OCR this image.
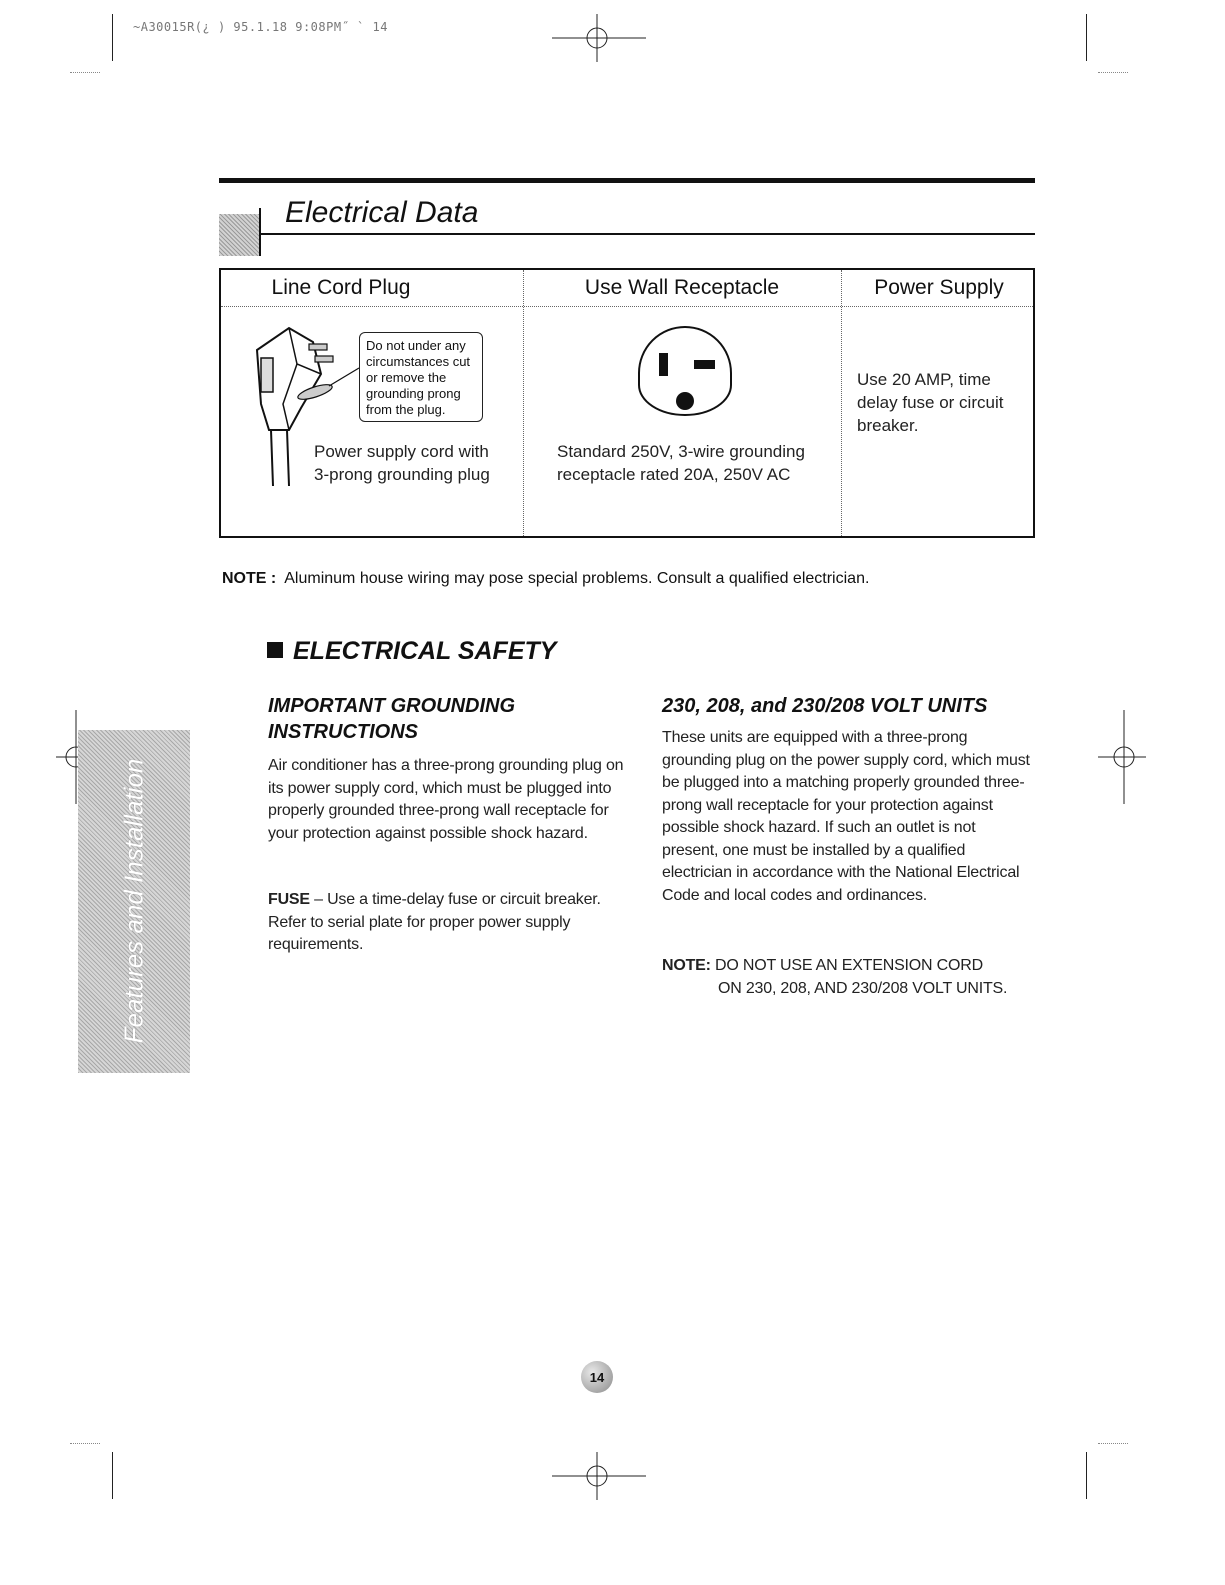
~A30015R(¿ ) 95.1.18 9:08PM˝ ` 14
Electrical Data
Line Cord Plug	Use Wall Receptacle	Power Supply
Do not under any circumstances cut or remove the grounding prong from the plug.
Power supply cord with
3-prong grounding plug
Standard 250V, 3-wire grounding
receptacle rated 20A, 250V AC
Use 20 AMP, time delay fuse or circuit breaker.
NOTE : Aluminum house wiring may pose special problems. Consult a qualified electrician.
ELECTRICAL SAFETY
IMPORTANT GROUNDING
INSTRUCTIONS
Air conditioner has a three-prong grounding plug on its power supply cord, which must be plugged into properly grounded three-prong wall receptacle for your protection against possible shock hazard.
FUSE – Use a time-delay fuse or circuit breaker. Refer to serial plate for proper power supply requirements.
230, 208, and 230/208 VOLT UNITS
These units are equipped with a three-prong grounding plug on the power supply cord, which must be plugged into a matching properly grounded three-prong wall receptacle for your protection against possible shock hazard. If such an outlet is not present, one must be installed by a qualified electrician in accordance with the National Electrical Code and local codes and ordinances.
NOTE: DO NOT USE AN EXTENSION CORD
ON 230, 208, AND 230/208 VOLT UNITS.
Features and Installation
14
